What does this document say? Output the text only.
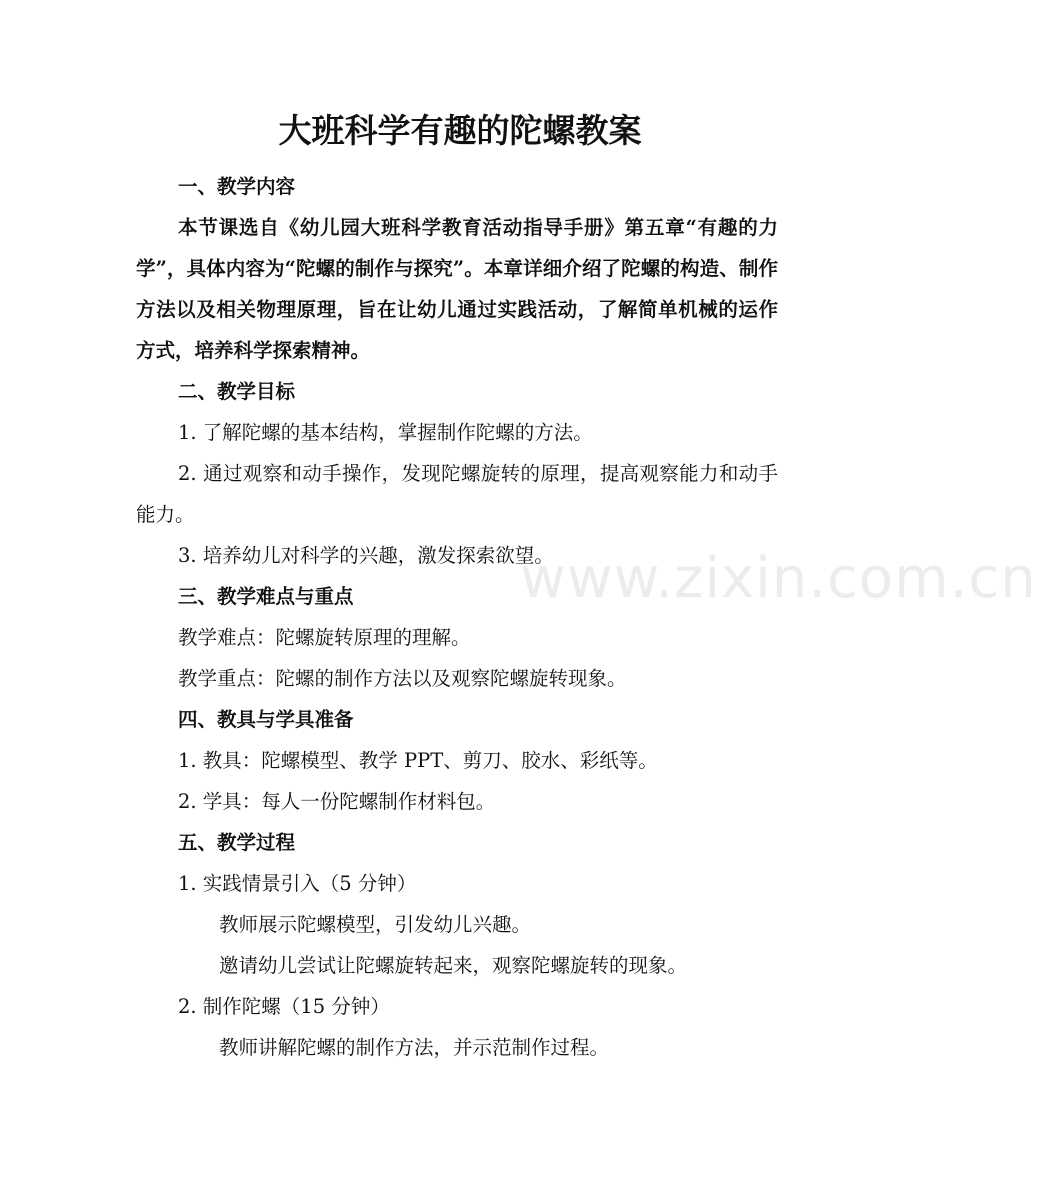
www.zixin.com.cn
大班科学有趣的陀螺教案
一、教学内容
本节课选自《幼儿园大班科学教育活动指导手册》第五章“有趣的力学”，具体内容为“陀螺的制作与探究”。本章详细介绍了陀螺的构造、制作方法以及相关物理原理，旨在让幼儿通过实践活动，了解简单机械的运作方式，培养科学探索精神。
二、教学目标
1. 了解陀螺的基本结构，掌握制作陀螺的方法。
2. 通过观察和动手操作，发现陀螺旋转的原理，提高观察能力和动手能力。
3. 培养幼儿对科学的兴趣，激发探索欲望。
三、教学难点与重点
教学难点：陀螺旋转原理的理解。
教学重点：陀螺的制作方法以及观察陀螺旋转现象。
四、教具与学具准备
1. 教具：陀螺模型、教学 PPT、剪刀、胶水、彩纸等。
2. 学具：每人一份陀螺制作材料包。
五、教学过程
1. 实践情景引入（5 分钟）
教师展示陀螺模型，引发幼儿兴趣。
邀请幼儿尝试让陀螺旋转起来，观察陀螺旋转的现象。
2. 制作陀螺（15 分钟）
教师讲解陀螺的制作方法，并示范制作过程。
